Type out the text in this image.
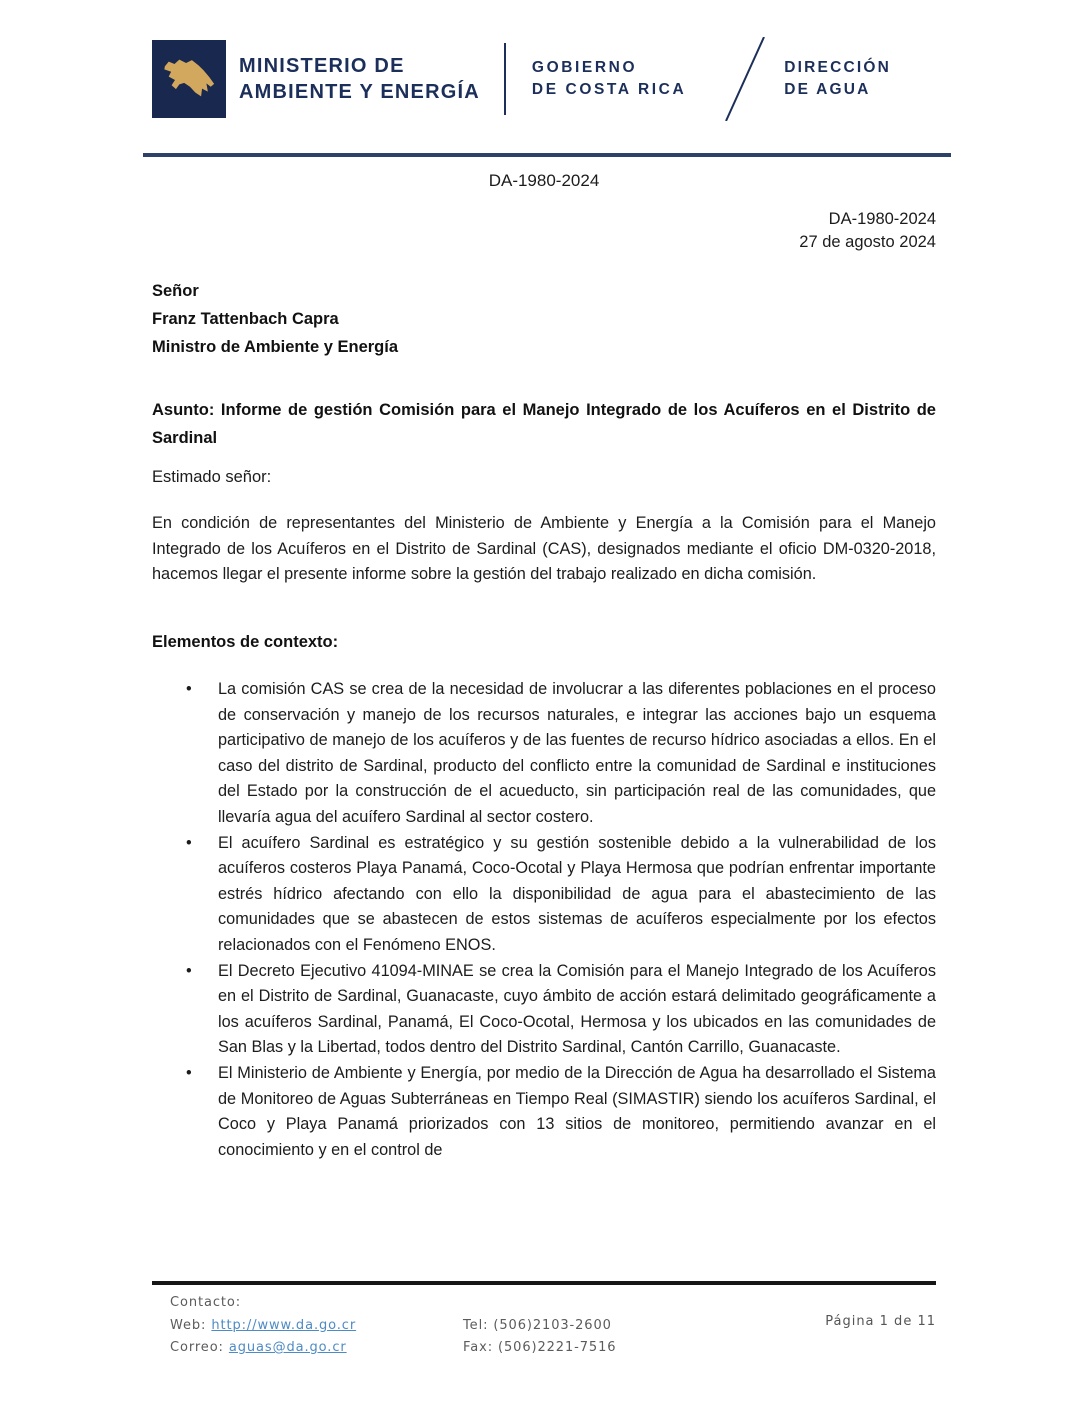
MINISTERIO DE
AMBIENTE Y ENERGÍA
GOBIERNO
DE COSTA RICA
DIRECCIÓN
DE AGUA
DA-1980-2024
DA-1980-2024
27 de agosto 2024
Señor
Franz Tattenbach Capra
Ministro de Ambiente y Energía
Asunto: Informe de gestión Comisión para el Manejo Integrado de los Acuíferos en el Distrito de Sardinal
Estimado señor:
En condición de representantes del Ministerio de Ambiente y Energía a la Comisión para el Manejo Integrado de los Acuíferos en el Distrito de Sardinal (CAS), designados mediante el oficio DM-0320-2018, hacemos llegar el presente informe sobre la gestión del trabajo realizado en dicha comisión.
Elementos de contexto:
• La comisión CAS se crea de la necesidad de involucrar a las diferentes poblaciones en el proceso de conservación y manejo de los recursos naturales, e integrar las acciones bajo un esquema participativo de manejo de los acuíferos y de las fuentes de recurso hídrico asociadas a ellos. En el caso del distrito de Sardinal, producto del conflicto entre la comunidad de Sardinal e instituciones del Estado por la construcción de el acueducto, sin participación real de las comunidades, que llevaría agua del acuífero Sardinal al sector costero.
• El acuífero Sardinal es estratégico y su gestión sostenible debido a la vulnerabilidad de los acuíferos costeros Playa Panamá, Coco-Ocotal y Playa Hermosa que podrían enfrentar importante estrés hídrico afectando con ello la disponibilidad de agua para el abastecimiento de las comunidades que se abastecen de estos sistemas de acuíferos especialmente por los efectos relacionados con el Fenómeno ENOS.
• El Decreto Ejecutivo 41094-MINAE se crea la Comisión para el Manejo Integrado de los Acuíferos en el Distrito de Sardinal, Guanacaste, cuyo ámbito de acción estará delimitado geográficamente a los acuíferos Sardinal, Panamá, El Coco-Ocotal, Hermosa y los ubicados en las comunidades de San Blas y la Libertad, todos dentro del Distrito Sardinal, Cantón Carrillo, Guanacaste.
• El Ministerio de Ambiente y Energía, por medio de la Dirección de Agua ha desarrollado el Sistema de Monitoreo de Aguas Subterráneas en Tiempo Real (SIMASTIR) siendo los acuíferos Sardinal, el Coco y Playa Panamá priorizados con 13 sitios de monitoreo, permitiendo avanzar en el conocimiento y en el control de
Contacto:
Web: http://www.da.go.cr	Tel: (506)2103-2600
Correo: aguas@da.go.cr	Fax: (506)2221-7516
Página 1 de 11
